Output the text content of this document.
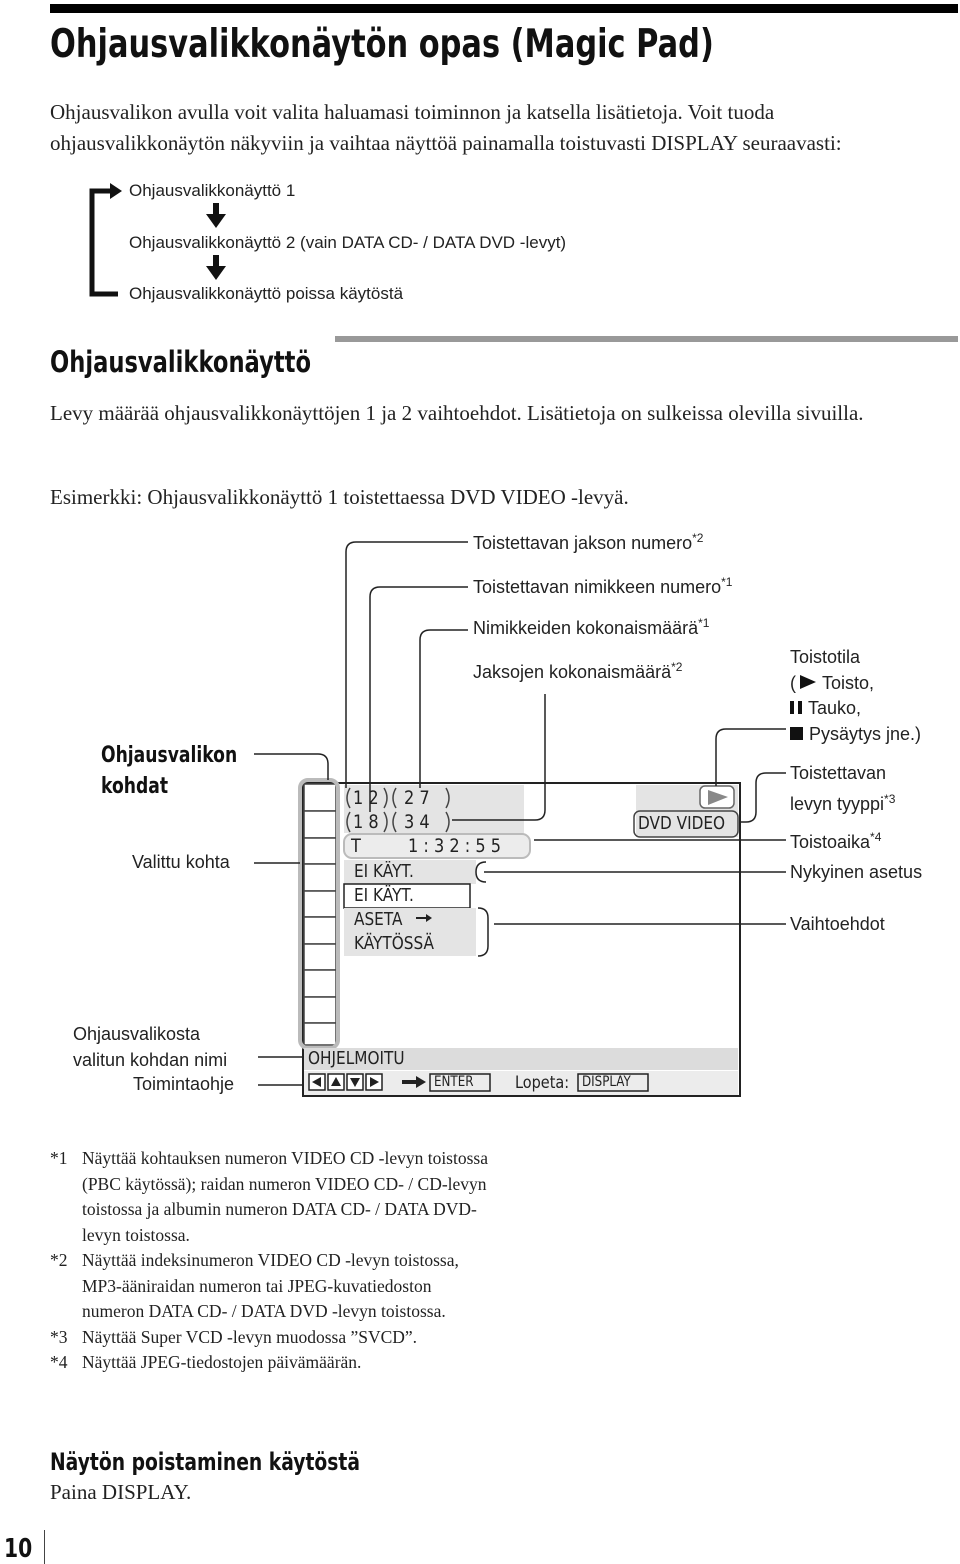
Ohjausvalikkonäytön opas (Magic Pad)
Ohjausvalikon avulla voit valita haluamasi toiminnon ja katsella lisätietoja. Voit tuoda ohjausvalikkonäytön näkyviin ja vaihtaa näyttöä painamalla toistuvasti DISPLAY seuraavasti:
Ohjausvalikkonäyttö 1
Ohjausvalikkonäyttö 2 (vain DATA CD- / DATA DVD -levyt)
Ohjausvalikkonäyttö poissa käytöstä
Ohjausvalikkonäyttö
Levy määrää ohjausvalikkonäyttöjen 1 ja 2 vaihtoehdot. Lisätietoja on sulkeissa olevilla sivuilla.
Esimerkki: Ohjausvalikkonäyttö 1 toistettaessa DVD VIDEO -levyä.
Toistettavan jakson numero$^{*2}$
Toistettavan nimikkeen numero$^{*1}$
Nimikkeiden kokonaismäärä$^{*1}$
Jaksojen kokonaismäärä$^{*2}$	Toistotila
( Toisto,
Tauko,
Pysäytys jne.)
Toistettavan
levyn tyyppi$^{*3}$
Toistoaika$^{*4}$
Nykyinen asetus
Vaihtoehdot
Ohjausvalikon
kohdat
Valittu kohta
Ohjausvalikosta
valitun kohdan nimi
Toimintaohje
1 2 2 7
1 8 3 4
T 1 : 3 2 : 5 5
EI KÄYT.
EI KÄYT.
ASETA
KÄYTÖSSÄ
DVD VIDEO
OHJELMOITU
ENTER Lopeta: DISPLAY
*1 Näyttää kohtauksen numeron VIDEO CD -levyn toistossa (PBC käytössä); raidan numeron VIDEO CD- / CD-levyn toistossa ja albumin numeron DATA CD- / DATA DVD-levyn toistossa.
*2 Näyttää indeksinumeron VIDEO CD -levyn toistossa, MP3-ääniraidan numeron tai JPEG-kuvatiedoston numeron DATA CD- / DATA DVD -levyn toistossa.
*3 Näyttää Super VCD -levyn muodossa ”SVCD”.
*4 Näyttää JPEG-tiedostojen päivämäärän.
Näytön poistaminen käytöstä
Paina DISPLAY.
10
